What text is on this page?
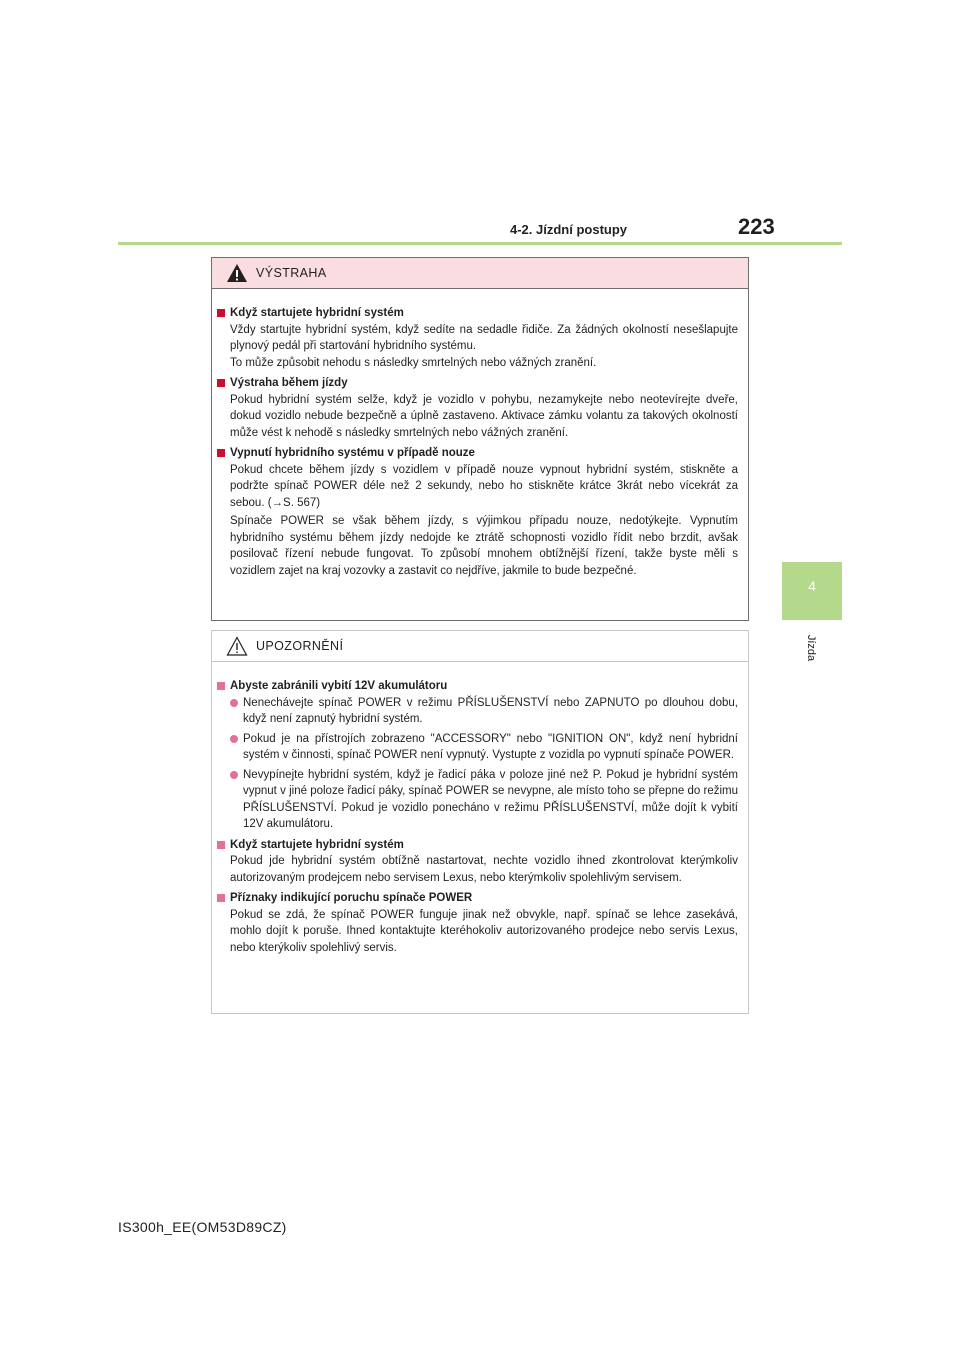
4-2. Jízdní postupy	223
4
Jízda
VÝSTRAHA
Když startujete hybridní systém
Vždy startujte hybridní systém, když sedíte na sedadle řidiče. Za žádných okolností nesešlapujte plynový pedál při startování hybridního systému.
To může způsobit nehodu s následky smrtelných nebo vážných zranění.
Výstraha během jízdy
Pokud hybridní systém selže, když je vozidlo v pohybu, nezamykejte nebo neotevírejte dveře, dokud vozidlo nebude bezpečně a úplně zastaveno. Aktivace zámku volantu za takových okolností může vést k nehodě s následky smrtelných nebo vážných zranění.
Vypnutí hybridního systému v případě nouze
Pokud chcete během jízdy s vozidlem v případě nouze vypnout hybridní systém, stiskněte a podržte spínač POWER déle než 2 sekundy, nebo ho stiskněte krátce 3krát nebo vícekrát za sebou. (→S. 567)
Spínače POWER se však během jízdy, s výjimkou případu nouze, nedotýkejte. Vypnutím hybridního systému během jízdy nedojde ke ztrátě schopnosti vozidlo řídit nebo brzdit, avšak posilovač řízení nebude fungovat. To způsobí mnohem obtížnější řízení, takže byste měli s vozidlem zajet na kraj vozovky a zastavit co nejdříve, jakmile to bude bezpečné.
UPOZORNĚNÍ
Abyste zabránili vybití 12V akumulátoru
Nenechávejte spínač POWER v režimu PŘÍSLUŠENSTVÍ nebo ZAPNUTO po dlouhou dobu, když není zapnutý hybridní systém.
Pokud je na přístrojích zobrazeno "ACCESSORY" nebo "IGNITION ON", když není hybridní systém v činnosti, spínač POWER není vypnutý. Vystupte z vozidla po vypnutí spínače POWER.
Nevypínejte hybridní systém, když je řadicí páka v poloze jiné než P. Pokud je hybridní systém vypnut v jiné poloze řadicí páky, spínač POWER se nevypne, ale místo toho se přepne do režimu PŘÍSLUŠENSTVÍ. Pokud je vozidlo ponecháno v režimu PŘÍSLUŠENSTVÍ, může dojít k vybití 12V akumulátoru.
Když startujete hybridní systém
Pokud jde hybridní systém obtížně nastartovat, nechte vozidlo ihned zkontrolovat kterýmkoliv autorizovaným prodejcem nebo servisem Lexus, nebo kterýmkoliv spolehlivým servisem.
Příznaky indikující poruchu spínače POWER
Pokud se zdá, že spínač POWER funguje jinak než obvykle, např. spínač se lehce zasekává, mohlo dojít k poruše. Ihned kontaktujte kteréhokoliv autorizovaného prodejce nebo servis Lexus, nebo kterýkoliv spolehlivý servis.
IS300h_EE(OM53D89CZ)
